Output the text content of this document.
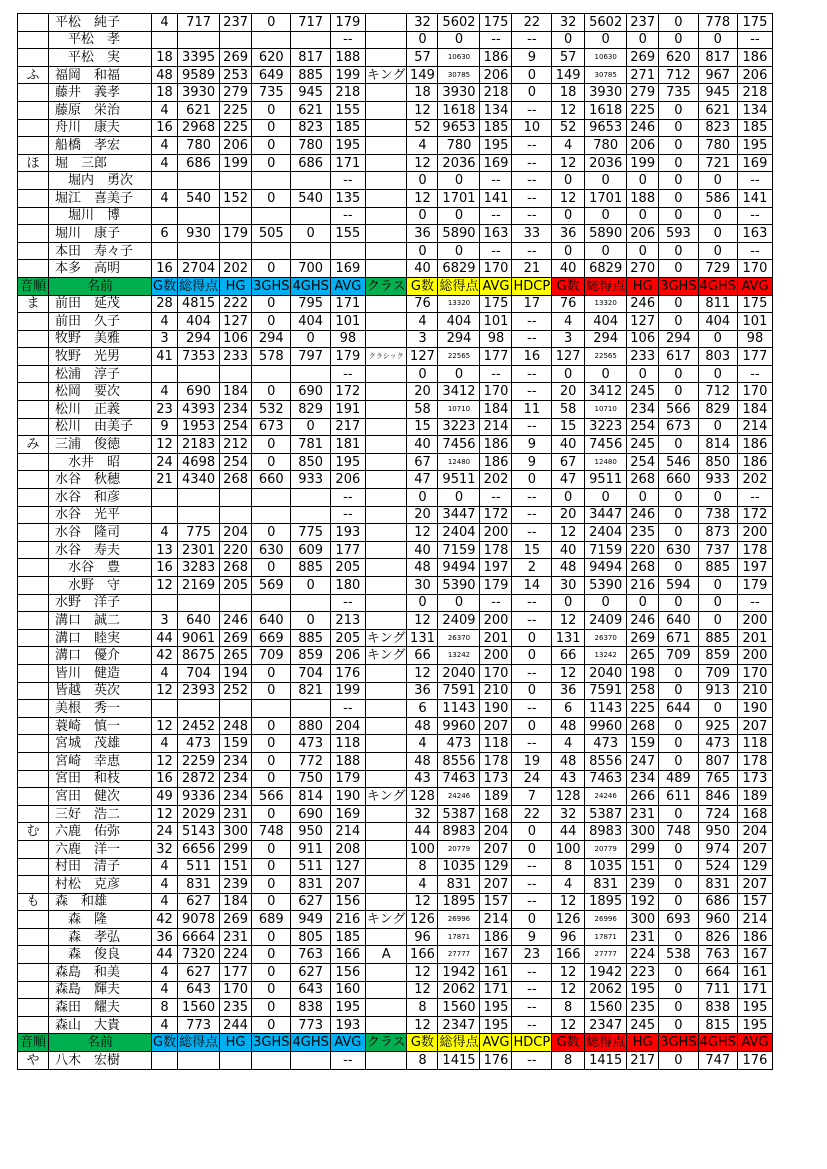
	平松　純子	4	717	237	0	717	179		32	5602	175	22	32	5602	237	0	778	175
	　平松　孝						--		0	0	--	--	0	0	0	0	0	--
	　平松　実	18	3395	269	620	817	188		57	10630	186	9	57	10630	269	620	817	186
ふ	福岡　和福	48	9589	253	649	885	199	キング	149	30785	206	0	149	30785	271	712	967	206
	藤井　義孝	18	3930	279	735	945	218		18	3930	218	0	18	3930	279	735	945	218
	藤原　栄治	4	621	225	0	621	155		12	1618	134	--	12	1618	225	0	621	134
	舟川　康夫	16	2968	225	0	823	185		52	9653	185	10	52	9653	246	0	823	185
	船橋　孝宏	4	780	206	0	780	195		4	780	195	--	4	780	206	0	780	195
ほ	堀　三郎	4	686	199	0	686	171		12	2036	169	--	12	2036	199	0	721	169
	　堀内　勇次						--		0	0	--	--	0	0	0	0	0	--
	堀江　喜美子	4	540	152	0	540	135		12	1701	141	--	12	1701	188	0	586	141
	　堀川　博						--		0	0	--	--	0	0	0	0	0	--
	堀川　康子	6	930	179	505	0	155		36	5890	163	33	36	5890	206	593	0	163
	本田　寿々子								0	0	--	--	0	0	0	0	0	--
	本多　高明	16	2704	202	0	700	169		40	6829	170	21	40	6829	270	0	729	170
音順	名前	G数	総得点	HG	3GHS	4GHS	AVG	クラス	G数	総得点	AVG	HDCP	G数	総得点	HG	3GHS	4GHS	AVG
ま	前田　延茂	28	4815	222	0	795	171		76	13320	175	17	76	13320	246	0	811	175
	前田　久子	4	404	127	0	404	101		4	404	101	--	4	404	127	0	404	101
	牧野　美雅	3	294	106	294	0	98		3	294	98	--	3	294	106	294	0	98
	牧野　光男	41	7353	233	578	797	179	クラシック	127	22565	177	16	127	22565	233	617	803	177
	松浦　淳子						--		0	0	--	--	0	0	0	0	0	--
	松岡　要次	4	690	184	0	690	172		20	3412	170	--	20	3412	245	0	712	170
	松川　正義	23	4393	234	532	829	191		58	10710	184	11	58	10710	234	566	829	184
	松川　由美子	9	1953	254	673	0	217		15	3223	214	--	15	3223	254	673	0	214
み	三浦　俊徳	12	2183	212	0	781	181		40	7456	186	9	40	7456	245	0	814	186
	　水井　昭	24	4698	254	0	850	195		67	12480	186	9	67	12480	254	546	850	186
	水谷　秋穂	21	4340	268	660	933	206		47	9511	202	0	47	9511	268	660	933	202
	水谷　和彦						--		0	0	--	--	0	0	0	0	0	--
	水谷　光平						--		20	3447	172	--	20	3447	246	0	738	172
	水谷　隆司	4	775	204	0	775	193		12	2404	200	--	12	2404	235	0	873	200
	水谷　寿夫	13	2301	220	630	609	177		40	7159	178	15	40	7159	220	630	737	178
	　水谷　豊	16	3283	268	0	885	205		48	9494	197	2	48	9494	268	0	885	197
	　水野　守	12	2169	205	569	0	180		30	5390	179	14	30	5390	216	594	0	179
	水野　洋子						--		0	0	--	--	0	0	0	0	0	--
	溝口　誠二	3	640	246	640	0	213		12	2409	200	--	12	2409	246	640	0	200
	溝口　睦実	44	9061	269	669	885	205	キング	131	26370	201	0	131	26370	269	671	885	201
	溝口　優介	42	8675	265	709	859	206	キング	66	13242	200	0	66	13242	265	709	859	200
	皆川　健造	4	704	194	0	704	176		12	2040	170	--	12	2040	198	0	709	170
	皆越　英次	12	2393	252	0	821	199		36	7591	210	0	36	7591	258	0	913	210
	美根　秀一						--		6	1143	190	--	6	1143	225	644	0	190
	蓑崎　慎一	12	2452	248	0	880	204		48	9960	207	0	48	9960	268	0	925	207
	宮城　茂雄	4	473	159	0	473	118		4	473	118	--	4	473	159	0	473	118
	宮崎　幸恵	12	2259	234	0	772	188		48	8556	178	19	48	8556	247	0	807	178
	宮田　和枝	16	2872	234	0	750	179		43	7463	173	24	43	7463	234	489	765	173
	宮田　健次	49	9336	234	566	814	190	キング	128	24246	189	7	128	24246	266	611	846	189
	三好　浩二	12	2029	231	0	690	169		32	5387	168	22	32	5387	231	0	724	168
む	六鹿　佑弥	24	5143	300	748	950	214		44	8983	204	0	44	8983	300	748	950	204
	六鹿　洋一	32	6656	299	0	911	208		100	20779	207	0	100	20779	299	0	974	207
	村田　清子	4	511	151	0	511	127		8	1035	129	--	8	1035	151	0	524	129
	村松　克彦	4	831	239	0	831	207		4	831	207	--	4	831	239	0	831	207
も	森　和雄	4	627	184	0	627	156		12	1895	157	--	12	1895	192	0	686	157
	　森　隆	42	9078	269	689	949	216	キング	126	26996	214	0	126	26996	300	693	960	214
	　森　孝弘	36	6664	231	0	805	185		96	17871	186	9	96	17871	231	0	826	186
	　森　俊良	44	7320	224	0	763	166	A	166	27777	167	23	166	27777	224	538	763	167
	森島　和美	4	627	177	0	627	156		12	1942	161	--	12	1942	223	0	664	161
	森島　輝夫	4	643	170	0	643	160		12	2062	171	--	12	2062	195	0	711	171
	森田　耀夫	8	1560	235	0	838	195		8	1560	195	--	8	1560	235	0	838	195
	森山　大貴	4	773	244	0	773	193		12	2347	195	--	12	2347	245	0	815	195
音順	名前	G数	総得点	HG	3GHS	4GHS	AVG	クラス	G数	総得点	AVG	HDCP	G数	総得点	HG	3GHS	4GHS	AVG
や	八木　宏樹						--		8	1415	176	--	8	1415	217	0	747	176
